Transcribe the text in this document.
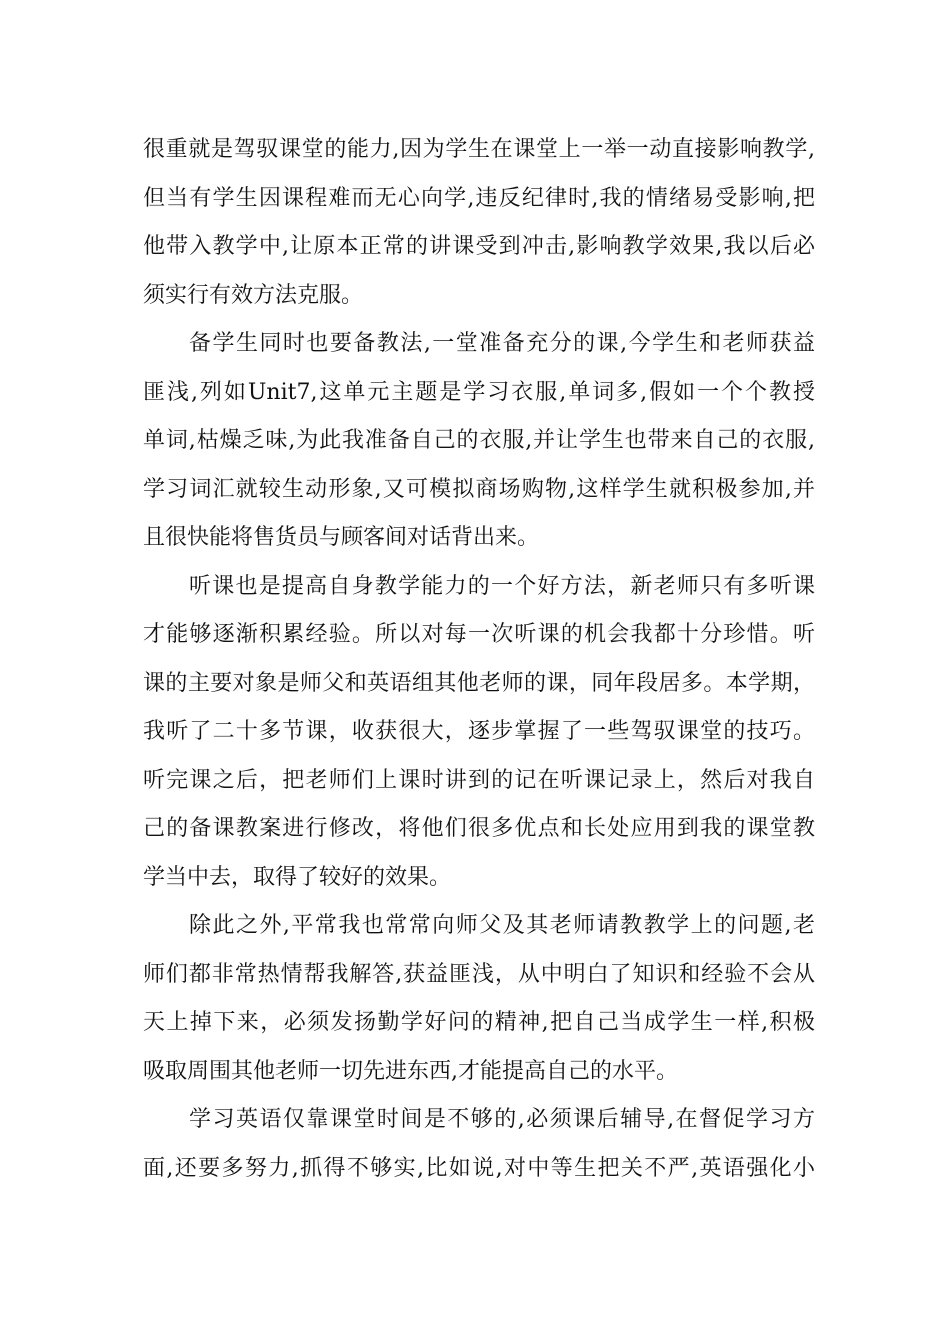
很重就是驾驭课堂的能力,因为学生在课堂上一举一动直接影响教学,
但当有学生因课程难而无心向学,违反纪律时,我的情绪易受影响,把
他带入教学中,让原本正常的讲课受到冲击,影响教学效果,我以后必
须实行有效方法克服。
备学生同时也要备教法,一堂准备充分的课,今学生和老师获益
匪浅,列如Unit7,这单元主题是学习衣服,单词多,假如一个个教授
单词,枯燥乏味,为此我准备自己的衣服,并让学生也带来自己的衣服,
学习词汇就较生动形象,又可模拟商场购物,这样学生就积极参加,并
且很快能将售货员与顾客间对话背出来。
听课也是提高自身教学能力的一个好方法，新老师只有多听课
才能够逐渐积累经验。所以对每一次听课的机会我都十分珍惜。听
课的主要对象是师父和英语组其他老师的课，同年段居多。本学期，
我听了二十多节课，收获很大，逐步掌握了一些驾驭课堂的技巧。
听完课之后，把老师们上课时讲到的记在听课记录上，然后对我自
己的备课教案进行修改，将他们很多优点和长处应用到我的课堂教
学当中去，取得了较好的效果。
除此之外,平常我也常常向师父及其老师请教教学上的问题,老
师们都非常热情帮我解答,获益匪浅，从中明白了知识和经验不会从
天上掉下来，必须发扬勤学好问的精神,把自己当成学生一样,积极
吸取周围其他老师一切先进东西,才能提高自己的水平。
学习英语仅靠课堂时间是不够的,必须课后辅导,在督促学习方
面,还要多努力,抓得不够实,比如说,对中等生把关不严,英语强化小
